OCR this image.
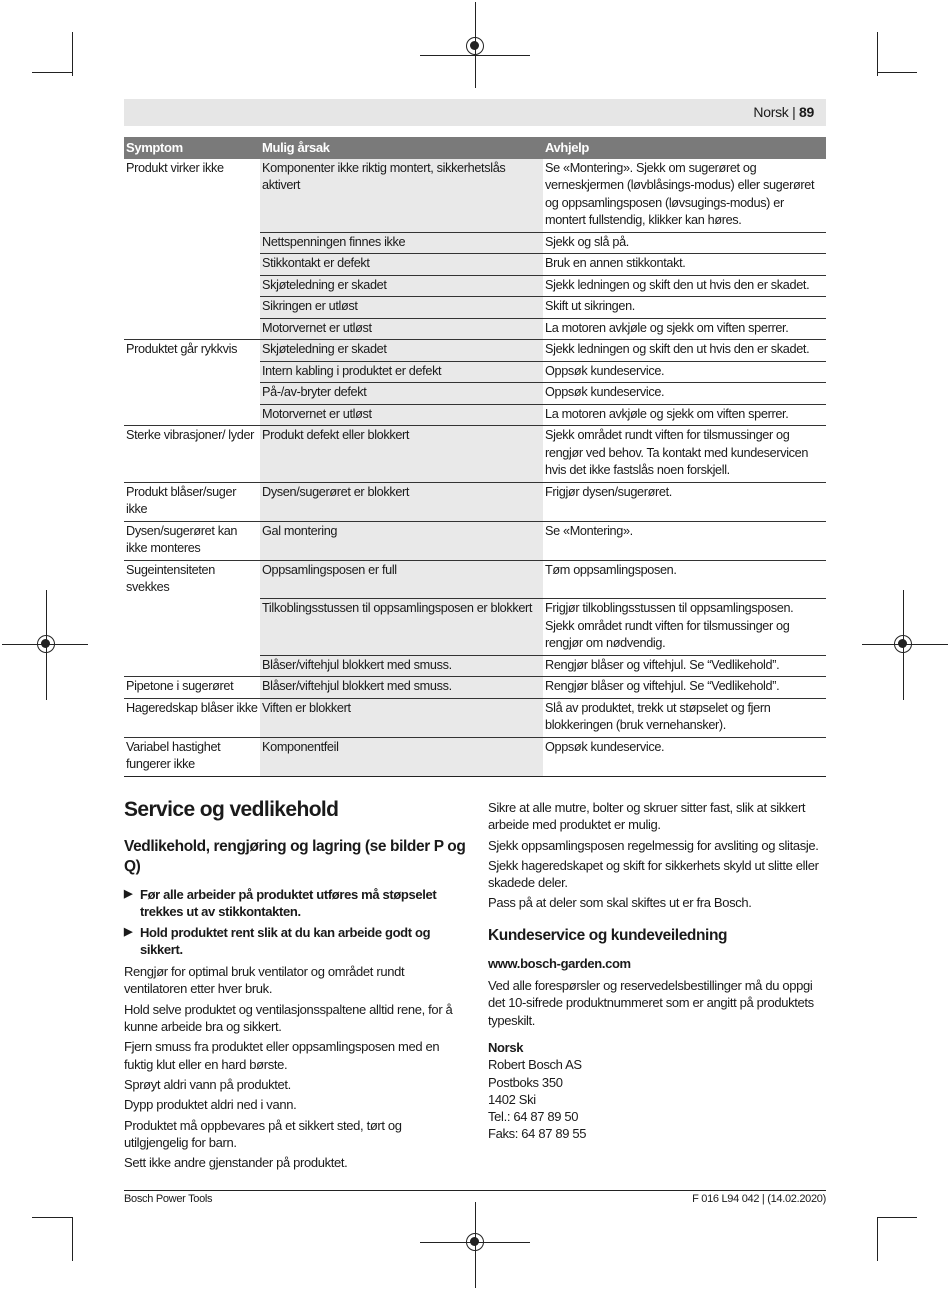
Norsk | 89
Symptom	Mulig årsak	Avhjelp
Produkt virker ikke	Komponenter ikke riktig montert, sikkerhetslås aktivert	Se «Montering». Sjekk om sugerøret og verneskjermen (løvblåsings-modus) eller sugerøret og oppsamlingsposen (løvsugings-modus) er montert fullstendig, klikker kan høres.
	Nettspenningen finnes ikke	Sjekk og slå på.
	Stikkontakt er defekt	Bruk en annen stikkontakt.
	Skjøteledning er skadet	Sjekk ledningen og skift den ut hvis den er skadet.
	Sikringen er utløst	Skift ut sikringen.
	Motorvernet er utløst	La motoren avkjøle og sjekk om viften sperrer.
Produktet går rykkvis	Skjøteledning er skadet	Sjekk ledningen og skift den ut hvis den er skadet.
	Intern kabling i produktet er defekt	Oppsøk kundeservice.
	På-/av-bryter defekt	Oppsøk kundeservice.
	Motorvernet er utløst	La motoren avkjøle og sjekk om viften sperrer.
Sterke vibrasjoner/ lyder	Produkt defekt eller blokkert	Sjekk området rundt viften for tilsmussinger og rengjør ved behov. Ta kontakt med kundeservicen hvis det ikke fastslås noen forskjell.
Produkt blåser/suger ikke	Dysen/sugerøret er blokkert	Frigjør dysen/sugerøret.
Dysen/sugerøret kan ikke monteres	Gal montering	Se «Montering».
Sugeintensiteten svekkes	Oppsamlingsposen er full	Tøm oppsamlingsposen.
	Tilkoblingsstussen til oppsamlingsposen er blokkert	Frigjør tilkoblingsstussen til oppsamlingsposen. Sjekk området rundt viften for tilsmussinger og rengjør om nødvendig.
	Blåser/viftehjul blokkert med smuss.	Rengjør blåser og viftehjul. Se “Vedlikehold”.
Pipetone i sugerøret	Blåser/viftehjul blokkert med smuss.	Rengjør blåser og viftehjul. Se “Vedlikehold”.
Hageredskap blåser ikke	Viften er blokkert	Slå av produktet, trekk ut støpselet og fjern blokkeringen (bruk vernehansker).
Variabel hastighet fungerer ikke	Komponentfeil	Oppsøk kundeservice.
Service og vedlikehold
Vedlikehold, rengjøring og lagring (se bilder P og Q)
▶ Før alle arbeider på produktet utføres må støpselet trekkes ut av stikkontakten.
▶ Hold produktet rent slik at du kan arbeide godt og sikkert.

Rengjør for optimal bruk ventilator og området rundt ventilatoren etter hver bruk.

Hold selve produktet og ventilasjonsspaltene alltid rene, for å kunne arbeide bra og sikkert.

Fjern smuss fra produktet eller oppsamlingsposen med en fuktig klut eller en hard børste.

Sprøyt aldri vann på produktet.

Dypp produktet aldri ned i vann.

Produktet må oppbevares på et sikkert sted, tørt og utilgjengelig for barn.

Sett ikke andre gjenstander på produktet.

Sikre at alle mutre, bolter og skruer sitter fast, slik at sikkert arbeide med produktet er mulig.

Sjekk oppsamlingsposen regelmessig for avsliting og slitasje.

Sjekk hageredskapet og skift for sikkerhets skyld ut slitte eller skadede deler.

Pass på at deler som skal skiftes ut er fra Bosch.

Kundeservice og kundeveiledning

www.bosch-garden.com

Ved alle forespørsler og reservedelsbestillinger må du oppgi det 10-sifrede produktnummeret som er angitt på produktets typeskilt.

Norsk

Robert Bosch AS
Postboks 350
1402 Ski
Tel.: 64 87 89 50
Faks: 64 87 89 55
Bosch Power Tools	F 016 L94 042 | (14.02.2020)
